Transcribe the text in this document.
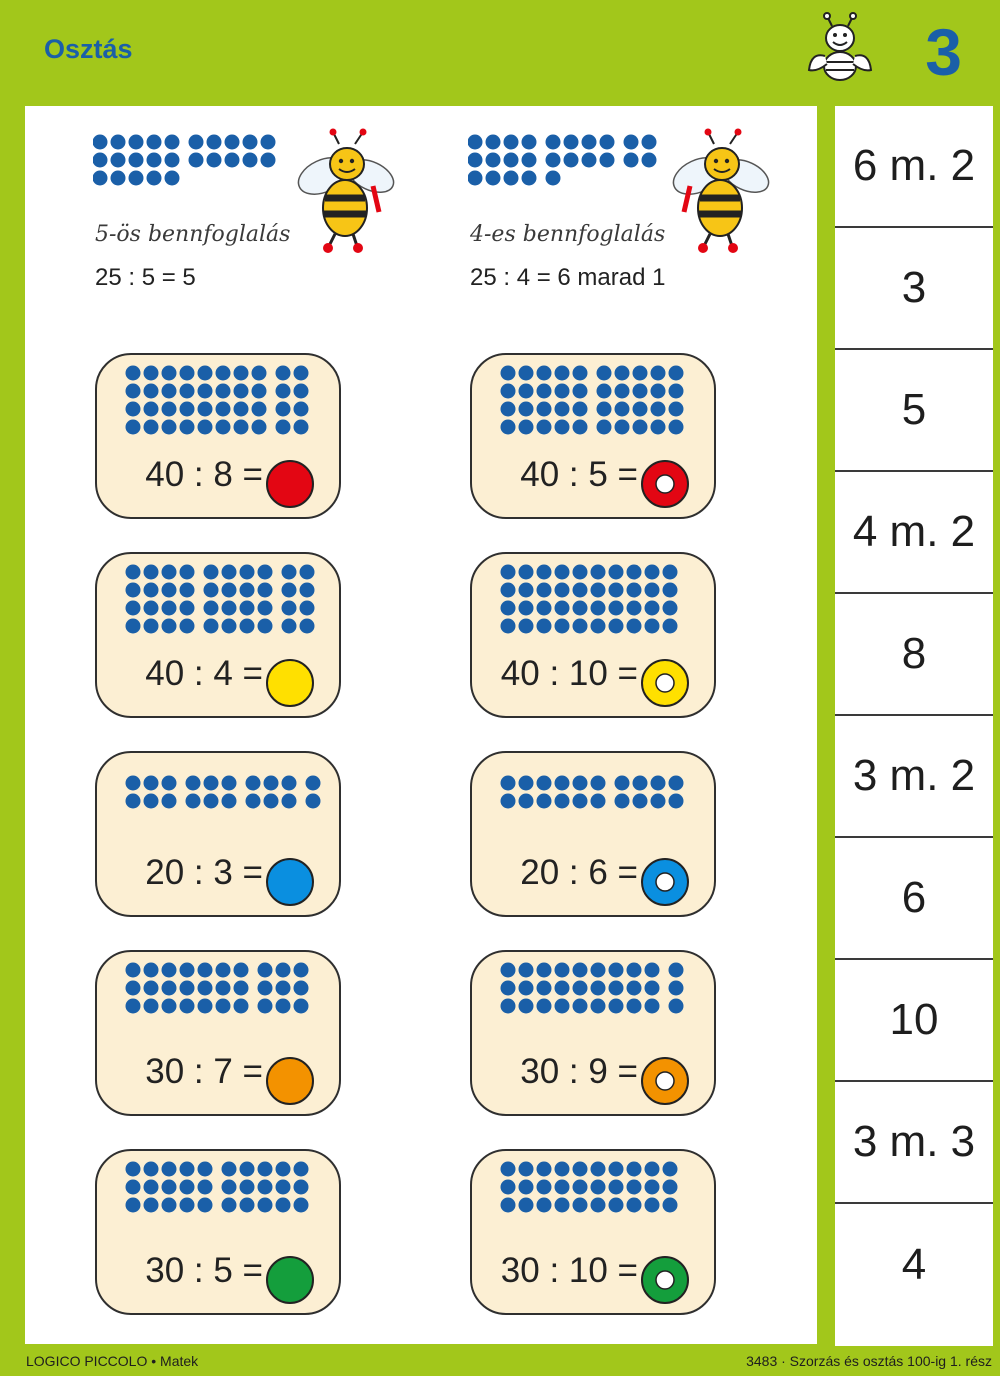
Osztás	3
5-ös bennfoglalás
25 : 5 = 5
4-es bennfoglalás
25 : 4 = 6 marad 1
40 : 8 =	40 : 5 =
40 : 4 =	40 : 10 =
20 : 3 =	20 : 6 =
30 : 7 =	30 : 9 =
30 : 5 =	30 : 10 =
6 m. 2
3
5
4 m. 2
8
3 m. 2
6
10
3 m. 3
4
LOGICO PICCOLO • Matek	3483 · Szorzás és osztás 100-ig 1. rész
